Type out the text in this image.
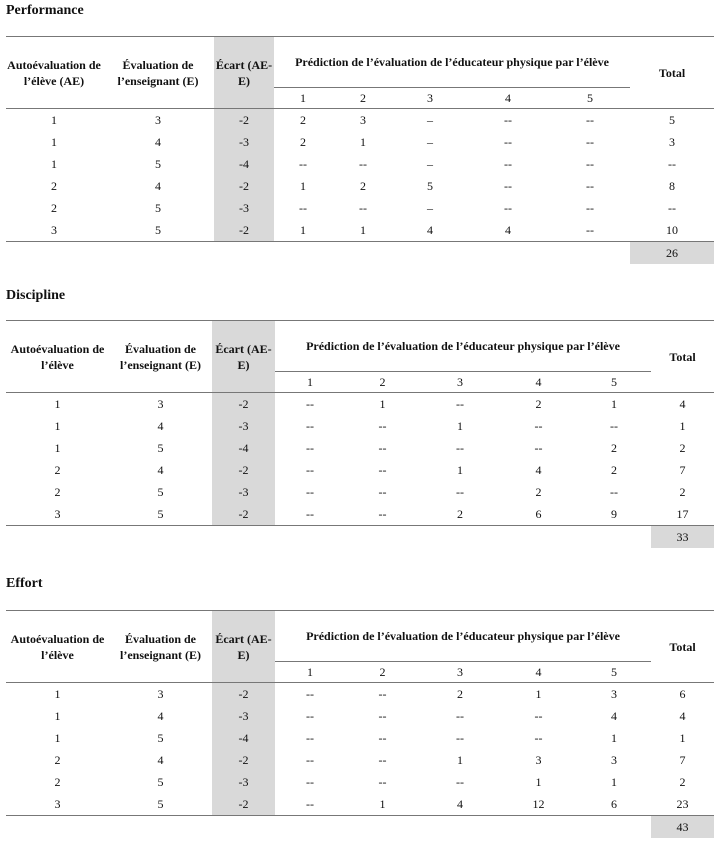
Performance
Autoévaluation de l’élève (AE)	Évaluation de l’enseignant (E)	Écart (AE-E)	Prédiction de l’évaluation de l’éducateur physique par l’élève					Total
			1	2	3	4	5	
1	3	-2	2	3	–	--	--	5
1	4	-3	2	1	–	--	--	3
1	5	-4	--	--	–	--	--	--
2	4	-2	1	2	5	--	--	8
2	5	-3	--	--	–	--	--	--
3	5	-2	1	1	4	4	--	10
								26
Discipline
Autoévaluation de l’élève	Évaluation de l’enseignant (E)	Écart (AE-E)	Prédiction de l’évaluation de l’éducateur physique par l’élève					Total
			1	2	3	4	5	
1	3	-2	--	1	--	2	1	4
1	4	-3	--	--	1	--	--	1
1	5	-4	--	--	--	--	2	2
2	4	-2	--	--	1	4	2	7
2	5	-3	--	--	--	2	--	2
3	5	-2	--	--	2	6	9	17
								33
Effort
Autoévaluation de l’élève	Évaluation de l’enseignant (E)	Écart (AE-E)	Prédiction de l’évaluation de l’éducateur physique par l’élève					Total
			1	2	3	4	5	
1	3	-2	--	--	2	1	3	6
1	4	-3	--	--	--	--	4	4
1	5	-4	--	--	--	--	1	1
2	4	-2	--	--	1	3	3	7
2	5	-3	--	--	--	1	1	2
3	5	-2	--	1	4	12	6	23
								43
